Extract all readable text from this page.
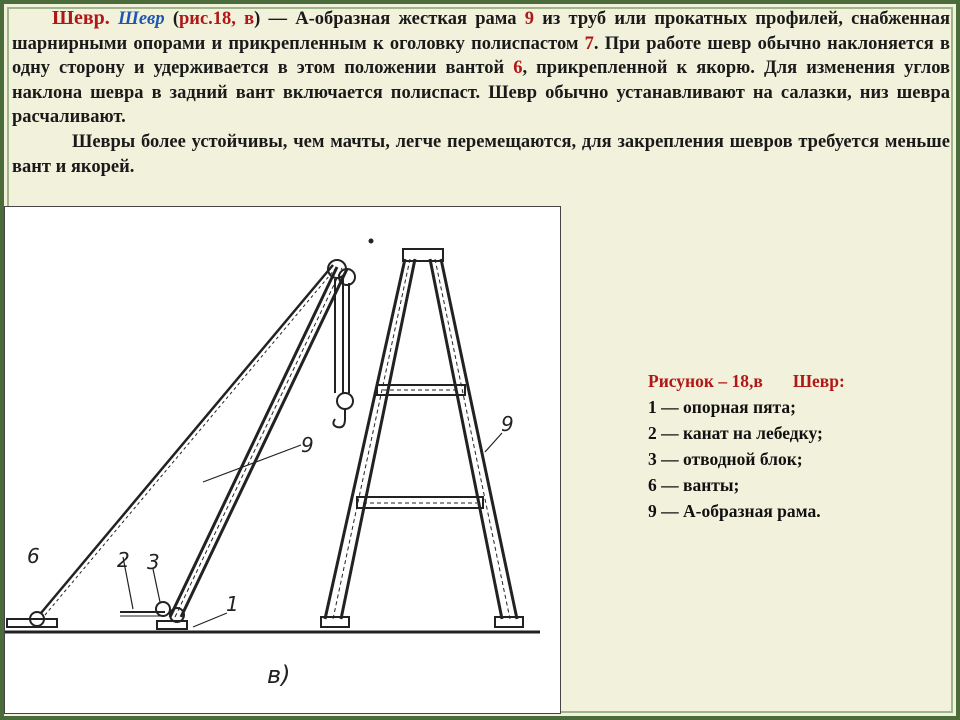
Шевр. Шевр (рис.18, в) — А-образная жесткая рама 9 из труб или прокатных профилей, снабженная шарнирными опорами и прикрепленным к оголовку полиспастом 7. При работе шевр обычно наклоняется в одну сторону и удерживается в этом положении вантой 6, прикрепленной к якорю. Для изменения углов наклона шевра в задний вант включается полиспаст. Шевр обычно устанавливают на салазки, низ шевра расчаливают.

Шевры более устойчивы, чем мачты, легче перемещаются, для закрепления шевров требуется меньше вант и якорей.

6	2 3
1
9
9
в)
Рисунок – 18,в Шевр:
1 — опорная пята;
2 — канат на лебедку;
3 — отводной блок;
6 — ванты;
9 — А-образная рама.
